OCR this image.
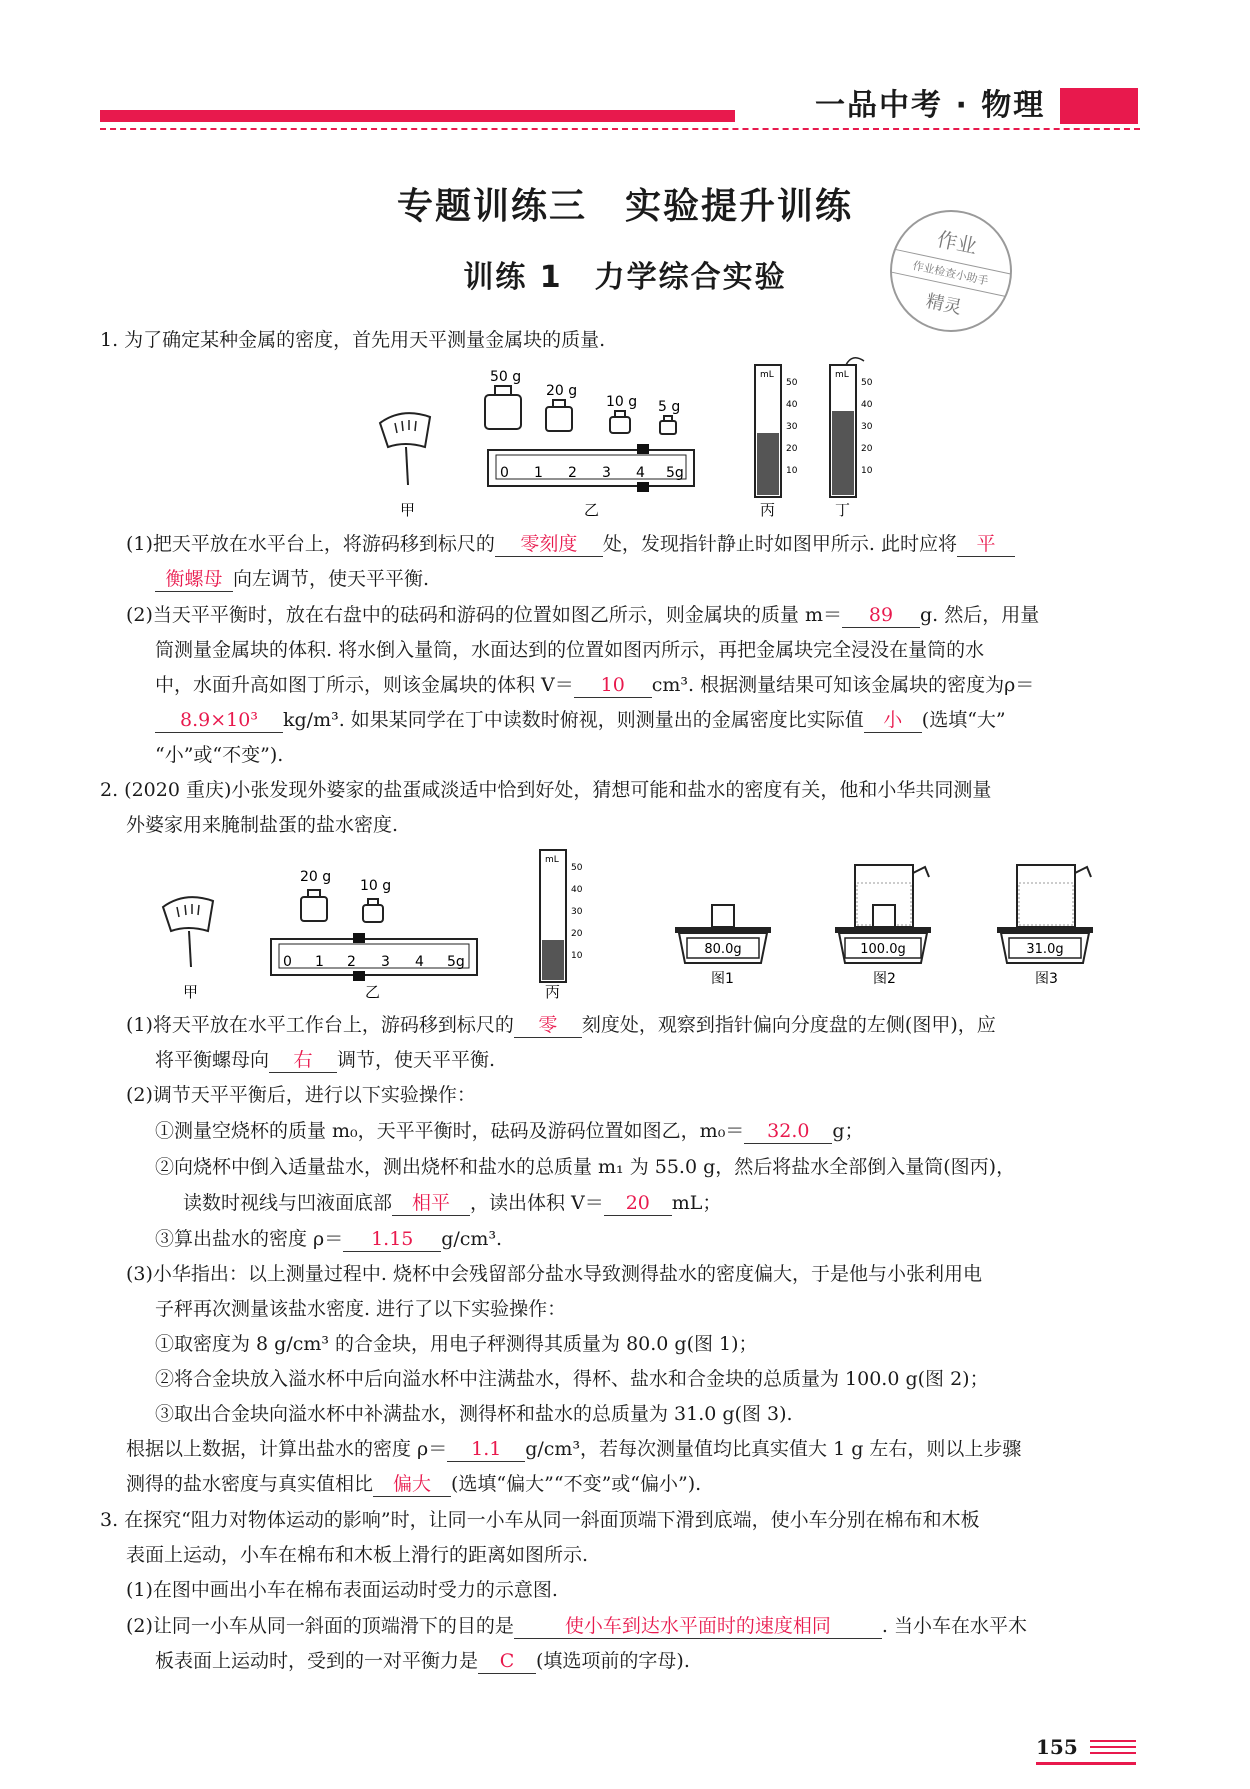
一品中考 · 物理
专题训练三　实验提升训练
训练 1　力学综合实验
作业
作业检查小助手
精灵
1. 为了确定某种金属的密度，首先用天平测量金属块的质量.
50 g
20 g
10 g 5 g
0 1 2 3 4 5g
mL
50
40
30
20
10
mL
50
40
30
20
10
甲	乙	丙	丁
(1)把天平放在水平台上，将游码移到标尺的 零刻度 处，发现指针静止时如图甲所示. 此时应将 平
衡螺母 向左调节，使天平平衡.
(2)当天平平衡时，放在右盘中的砝码和游码的位置如图乙所示，则金属块的质量 m＝ 89 g. 然后，用量
筒测量金属块的体积. 将水倒入量筒，水面达到的位置如图丙所示，再把金属块完全浸没在量筒的水
中，水面升高如图丁所示，则该金属块的体积 V＝ 10 cm³. 根据测量结果可知该金属块的密度为ρ＝
8.9×10³ kg/m³. 如果某同学在丁中读数时俯视，则测量出的金属密度比实际值 小 (选填“大”
“小”或“不变”).
2. (2020 重庆)小张发现外婆家的盐蛋咸淡适中恰到好处，猜想可能和盐水的密度有关，他和小华共同测量
外婆家用来腌制盐蛋的盐水密度.
20 g
10 g
0 1 2 3 4 5g
mL
50
40
30
20
10	80.0g	100.0g	31.0g
甲	乙	丙
图1	图2	图3
(1)将天平放在水平工作台上，游码移到标尺的 零 刻度处，观察到指针偏向分度盘的左侧(图甲)，应
将平衡螺母向 右 调节，使天平平衡.
(2)调节天平平衡后，进行以下实验操作：
①测量空烧杯的质量 m₀，天平平衡时，砝码及游码位置如图乙，m₀＝ 32.0 g；
②向烧杯中倒入适量盐水，测出烧杯和盐水的总质量 m₁ 为 55.0 g，然后将盐水全部倒入量筒(图丙)，
读数时视线与凹液面底部 相平 ，读出体积 V＝ 20 mL；
③算出盐水的密度 ρ＝ 1.15 g/cm³.
(3)小华指出：以上测量过程中. 烧杯中会残留部分盐水导致测得盐水的密度偏大，于是他与小张利用电
子秤再次测量该盐水密度. 进行了以下实验操作：
①取密度为 8 g/cm³ 的合金块，用电子秤测得其质量为 80.0 g(图 1)；
②将合金块放入溢水杯中后向溢水杯中注满盐水，得杯、盐水和合金块的总质量为 100.0 g(图 2)；
③取出合金块向溢水杯中补满盐水，测得杯和盐水的总质量为 31.0 g(图 3).
根据以上数据，计算出盐水的密度 ρ＝ 1.1 g/cm³，若每次测量值均比真实值大 1 g 左右，则以上步骤
测得的盐水密度与真实值相比 偏大 (选填“偏大”“不变”或“偏小”).
3. 在探究“阻力对物体运动的影响”时，让同一小车从同一斜面顶端下滑到底端，使小车分别在棉布和木板
表面上运动，小车在棉布和木板上滑行的距离如图所示.
(1)在图中画出小车在棉布表面运动时受力的示意图.
(2)让同一小车从同一斜面的顶端滑下的目的是	使小车到达水平面时的速度相同	. 当小车在水平木
板表面上运动时，受到的一对平衡力是 C (填选项前的字母).
155
